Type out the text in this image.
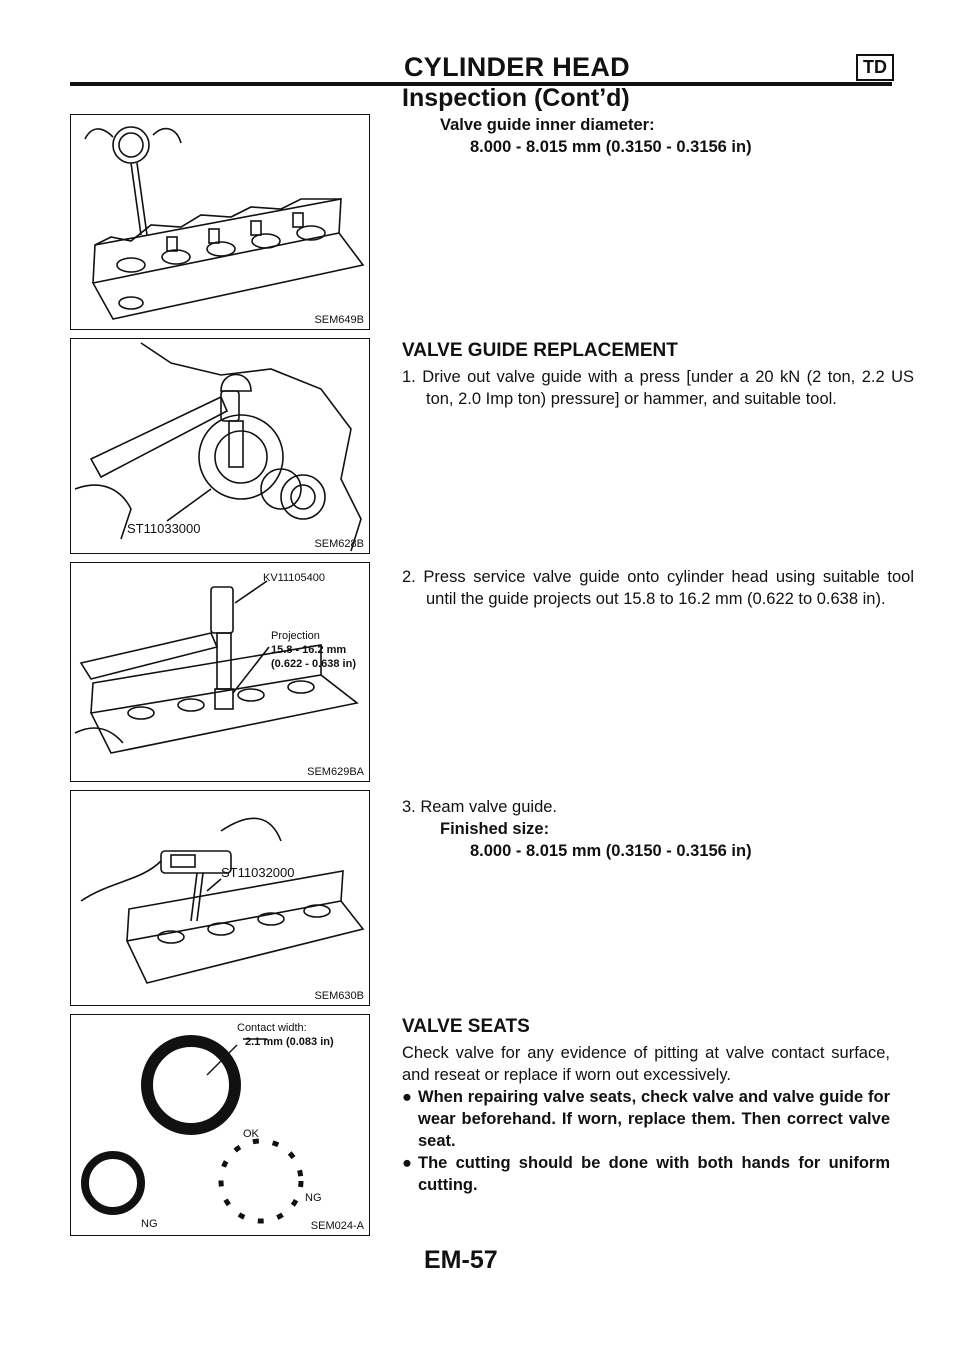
CYLINDER HEAD	TD
Inspection (Cont’d)
SEM649B
ST11033000
SEM628B
KV11105400
Projection
15.8 - 16.2 mm
(0.622 - 0.638 in)
SEM629BA
ST11032000
SEM630B
Contact width:
2.1 mm (0.083 in)
OK
NG
NG
SEM024-A
Valve guide inner diameter:
8.000 - 8.015 mm (0.3150 - 0.3156 in)
VALVE GUIDE REPLACEMENT
1. Drive out valve guide with a press [under a 20 kN (2 ton, 2.2 US ton, 2.0 Imp ton) pressure] or hammer, and suitable tool.
2. Press service valve guide onto cylinder head using suitable tool until the guide projects out 15.8 to 16.2 mm (0.622 to 0.638 in).
3. Ream valve guide.
Finished size:
8.000 - 8.015 mm (0.3150 - 0.3156 in)
VALVE SEATS
Check valve for any evidence of pitting at valve contact surface, and reseat or replace if worn out excessively.
● When repairing valve seats, check valve and valve guide for wear beforehand. If worn, replace them. Then correct valve seat.
● The cutting should be done with both hands for uniform cutting.
EM-57
